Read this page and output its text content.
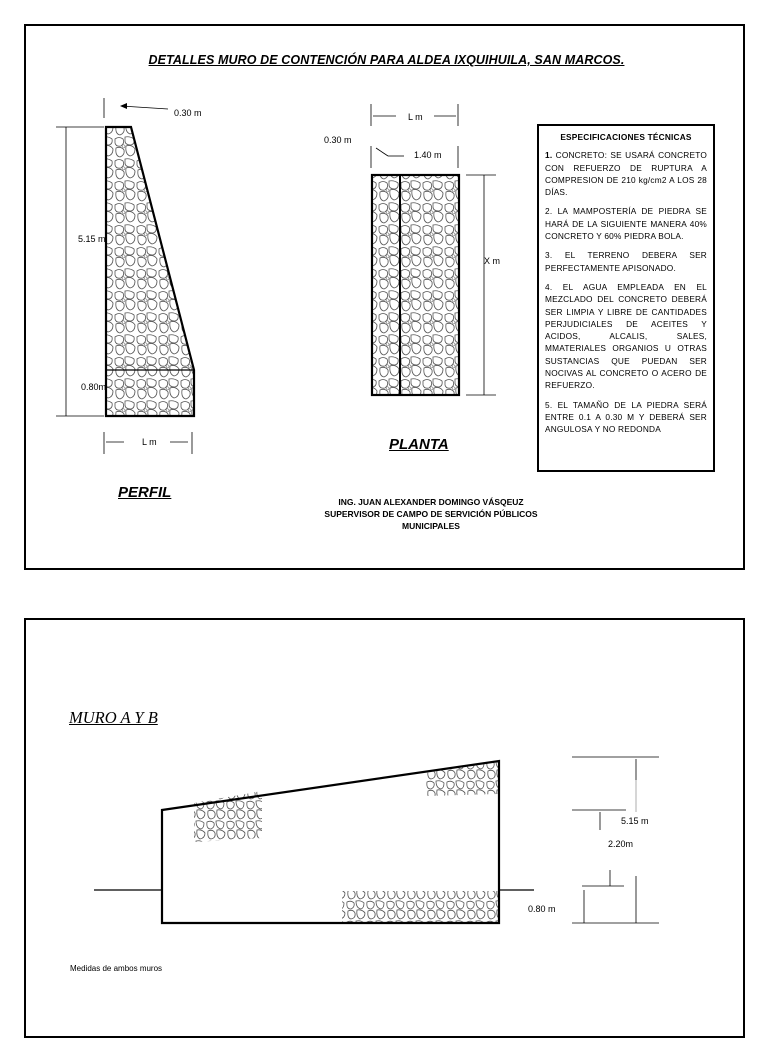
DETALLES MURO DE CONTENCIÓN PARA ALDEA IXQUIHUILA, SAN MARCOS.
0.30 m
5.15 m
0.80m
L m
PERFIL
L m
0.30 m
1.40 m
X m
PLANTA
ESPECIFICACIONES TÉCNICAS

1. CONCRETO: SE USARÁ CONCRETO CON REFUERZO DE RUPTURA A COMPRESION DE 210 kg/cm2 A LOS 28 DÍAS.

2. LA MAMPOSTERÍA DE PIEDRA SE HARÁ DE LA SIGUIENTE MANERA 40% CONCRETO Y 60% PIEDRA BOLA.

3. EL TERRENO DEBERA SER PERFECTAMENTE APISONADO.

4. EL AGUA EMPLEADA EN EL MEZCLADO DEL CONCRETO DEBERÁ SER LIMPIA Y LIBRE DE CANTIDADES PERJUDICIALES DE ACEITES Y ACIDOS, ALCALIS, SALES, MMATERIALES ORGANIOS U OTRAS SUSTANCIAS QUE PUEDAN SER NOCIVAS AL CONCRETO O ACERO DE REFUERZO.

5. EL TAMAÑO DE LA PIEDRA SERÁ ENTRE 0.1 A 0.30 M Y DEBERÁ SER ANGULOSA Y NO REDONDA

ING. JUAN ALEXANDER DOMINGO VÁSQEUZ
SUPERVISOR DE CAMPO DE SERVICIÓN PÚBLICOS
MUNICIPALES
MURO A Y B
5.15 m
2.20m
0.80 m
Medidas de ambos muros
